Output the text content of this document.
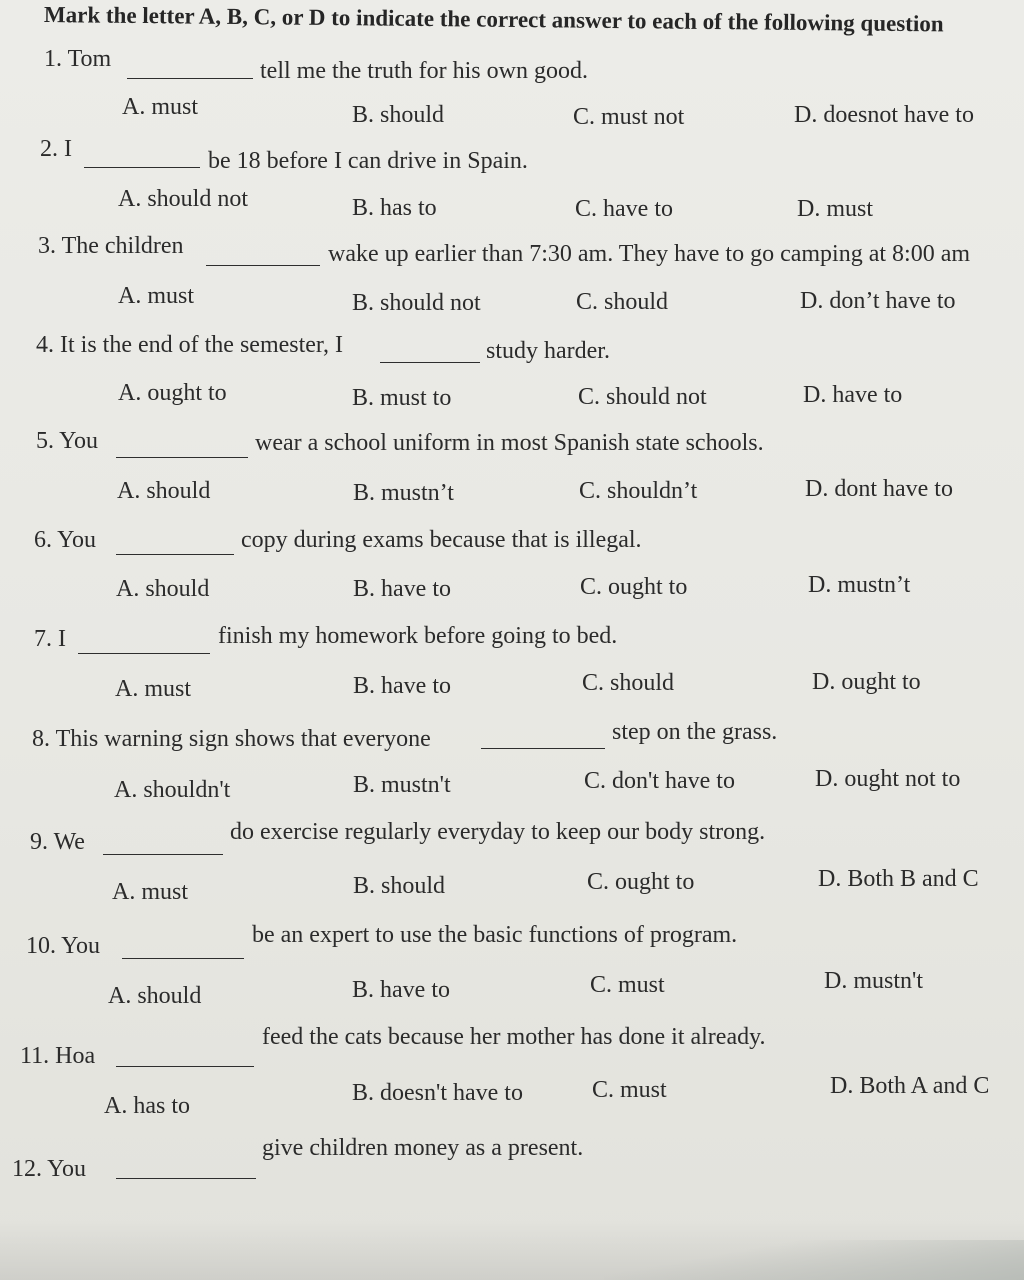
Mark the letter A, B, C, or D to indicate the correct answer to each of the following question
1. Tom	tell me the truth for his own good.
A. must	B. should	C. must not	D. doesnot have to
2. I	be 18 before I can drive in Spain.
A. should not	B. has to	C. have to	D. must
3. The children	wake up earlier than 7:30 am. They have to go camping at 8:00 am
A. must	B. should not	C. should	D. don’t have to
4. It is the end of the semester, I	study harder.
A. ought to	B. must to	C. should not	D. have to
5. You	wear a school uniform in most Spanish state schools.
A. should	B. mustn’t	C. shouldn’t	D. dont have to
6. You	copy during exams because that is illegal.
A. should	B. have to	C. ought to	D. mustn’t
7. I	finish my homework before going to bed.
A. must	B. have to	C. should	D. ought to
8. This warning sign shows that everyone	step on the grass.
A. shouldn't	B. mustn't	C. don't have to	D. ought not to
9. We	do exercise regularly everyday to keep our body strong.
A. must	B. should	C. ought to	D. Both B and C
10. You	be an expert to use the basic functions of program.
A. should	B. have to	C. must	D. mustn't
11. Hoa
feed the cats because her mother has done it already.
A. has to	B. doesn't have to	C. must	D. Both A and C
12. You
give children money as a present.
